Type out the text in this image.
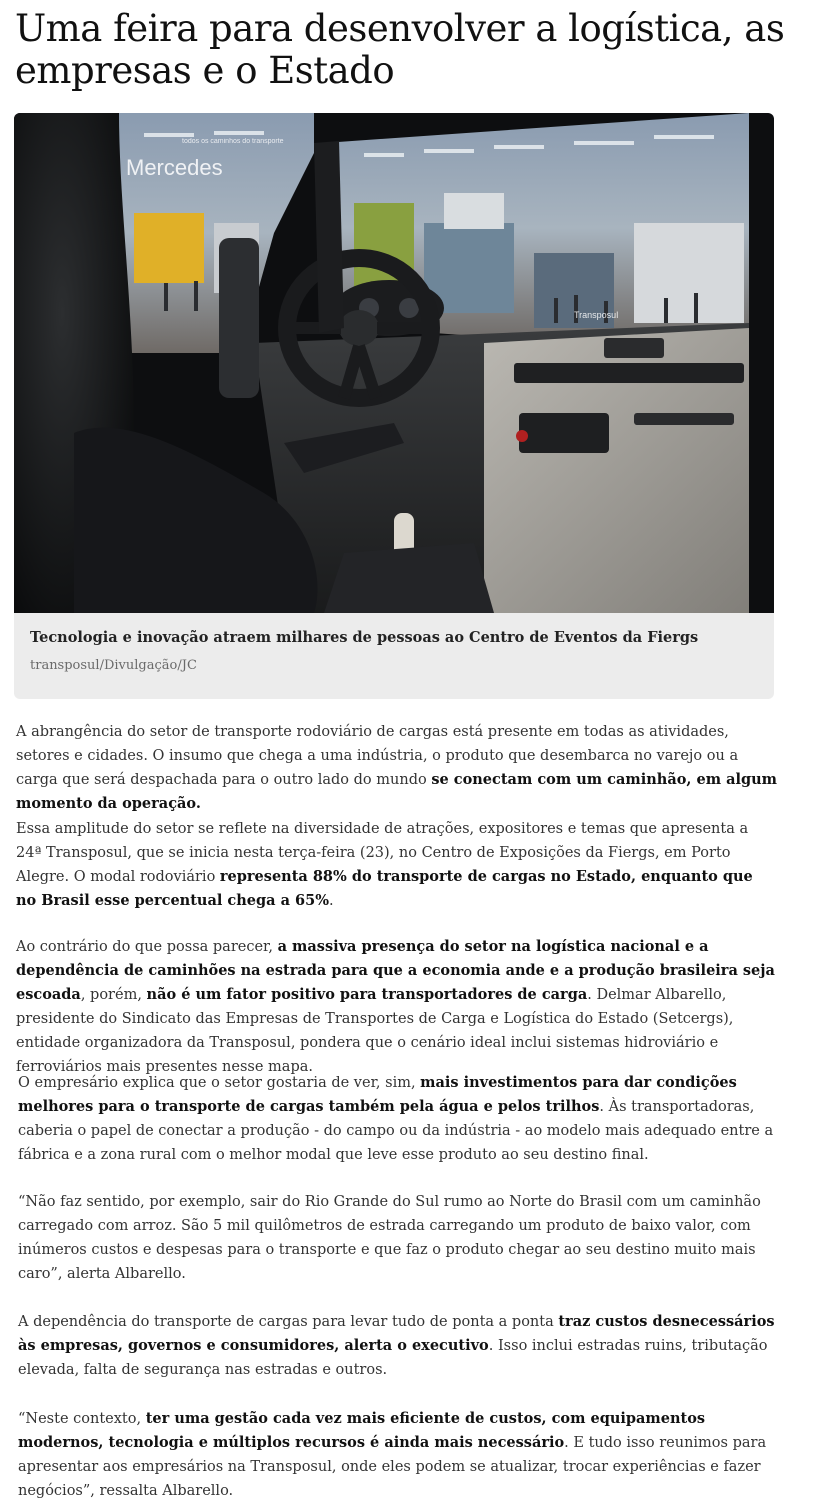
Uma feira para desenvolver a logística, as empresas e o Estado
Mercedes
todos os caminhos do transporte
Transposul
Tecnologia e inovação atraem milhares de pessoas ao Centro de Eventos da Fiergs
transposul/Divulgação/JC

A abrangência do setor de transporte rodoviário de cargas está presente em todas as atividades, setores e cidades. O insumo que chega a uma indústria, o produto que desembarca no varejo ou a carga que será despachada para o outro lado do mundo se conectam com um caminhão, em algum momento da operação.

Essa amplitude do setor se reflete na diversidade de atrações, expositores e temas que apresenta a 24ª Transposul, que se inicia nesta terça-feira (23), no Centro de Exposições da Fiergs, em Porto Alegre. O modal rodoviário representa 88% do transporte de cargas no Estado, enquanto que no Brasil esse percentual chega a 65%.

Ao contrário do que possa parecer, a massiva presença do setor na logística nacional e a dependência de caminhões na estrada para que a economia ande e a produção brasileira seja escoada, porém, não é um fator positivo para transportadores de carga. Delmar Albarello, presidente do Sindicato das Empresas de Transportes de Carga e Logística do Estado (Setcergs), entidade organizadora da Transposul, pondera que o cenário ideal inclui sistemas hidroviário e ferroviários mais presentes nesse mapa.

O empresário explica que o setor gostaria de ver, sim, mais investimentos para dar condições melhores para o transporte de cargas também pela água e pelos trilhos. Às transportadoras, caberia o papel de conectar a produção - do campo ou da indústria - ao modelo mais adequado entre a fábrica e a zona rural com o melhor modal que leve esse produto ao seu destino final.

“Não faz sentido, por exemplo, sair do Rio Grande do Sul rumo ao Norte do Brasil com um caminhão carregado com arroz. São 5 mil quilômetros de estrada carregando um produto de baixo valor, com inúmeros custos e despesas para o transporte e que faz o produto chegar ao seu destino muito mais caro”, alerta Albarello.

A dependência do transporte de cargas para levar tudo de ponta a ponta traz custos desnecessários às empresas, governos e consumidores, alerta o executivo. Isso inclui estradas ruins, tributação elevada, falta de segurança nas estradas e outros.

“Neste contexto, ter uma gestão cada vez mais eficiente de custos, com equipamentos modernos, tecnologia e múltiplos recursos é ainda mais necessário. E tudo isso reunimos para apresentar aos empresários na Transposul, onde eles podem se atualizar, trocar experiências e fazer negócios”, ressalta Albarello.
